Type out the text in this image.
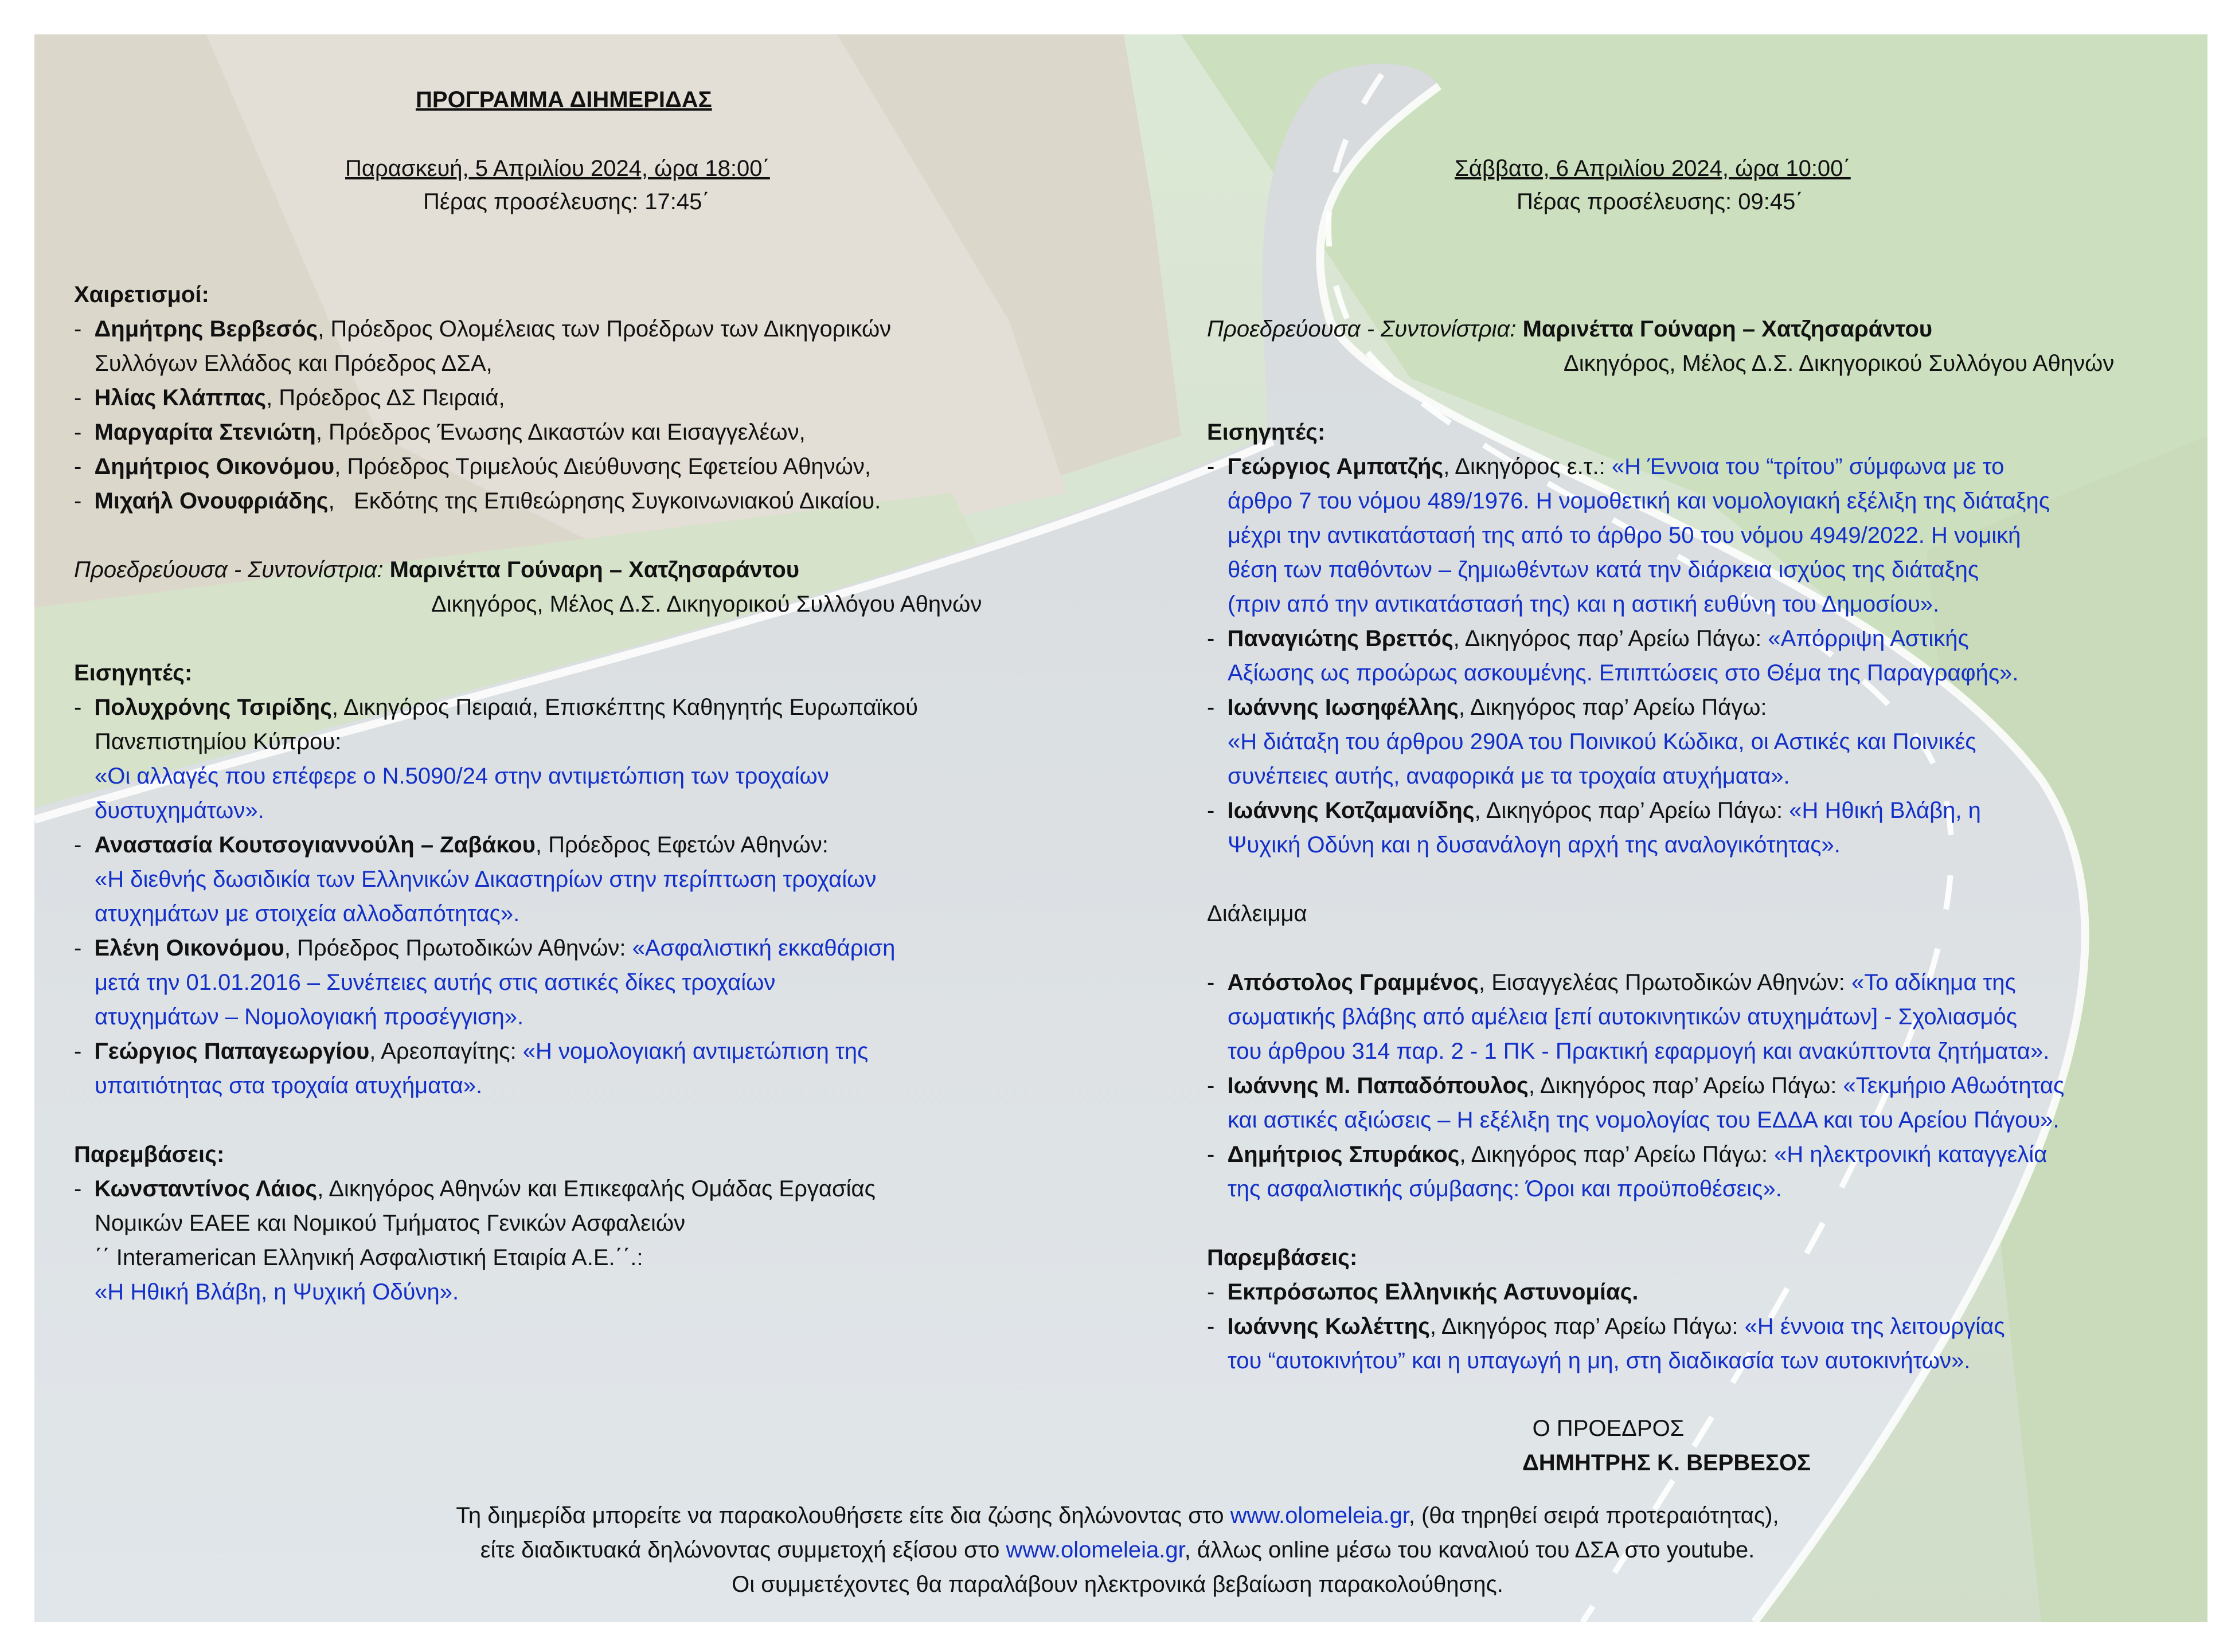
ΠΡΟΓΡΑΜΜΑ ΔΙΗΜΕΡΙΔΑΣ
Παρασκευή, 5 Απριλίου 2024, ώρα 18:00΄
Πέρας προσέλευσης: 17:45΄
Χαιρετισμοί:
-  Δημήτρης Βερβεσός, Πρόεδρος Ολομέλειας των Προέδρων των Δικηγορικών
Συλλόγων Ελλάδος και Πρόεδρος ΔΣΑ,
-  Ηλίας Κλάππας, Πρόεδρος ΔΣ Πειραιά,
-  Μαργαρίτα Στενιώτη, Πρόεδρος Ένωσης Δικαστών και Εισαγγελέων,
-  Δημήτριος Οικονόμου, Πρόεδρος Τριμελούς Διεύθυνσης Εφετείου Αθηνών,
-  Μιχαήλ Ονουφριάδης,   Εκδότης της Επιθεώρησης Συγκοινωνιακού Δικαίου.
Προεδρεύουσα - Συντονίστρια: Μαρινέττα Γούναρη – Χατζησαράντου
Δικηγόρος, Μέλος Δ.Σ. Δικηγορικού Συλλόγου Αθηνών
Εισηγητές:
-  Πολυχρόνης Τσιρίδης, Δικηγόρος Πειραιά, Επισκέπτης Καθηγητής Ευρωπαϊκού
Πανεπιστημίου Κύπρου:
«Οι αλλαγές που επέφερε ο Ν.5090/24 στην αντιμετώπιση των τροχαίων
δυστυχημάτων».
-  Αναστασία Κουτσογιαννούλη – Ζαβάκου, Πρόεδρος Εφετών Αθηνών:
«Η διεθνής δωσιδικία των Ελληνικών Δικαστηρίων στην περίπτωση τροχαίων
ατυχημάτων με στοιχεία αλλοδαπότητας».
-  Ελένη Οικονόμου, Πρόεδρος Πρωτοδικών Αθηνών: «Ασφαλιστική εκκαθάριση
μετά την 01.01.2016 – Συνέπειες αυτής στις αστικές δίκες τροχαίων
ατυχημάτων – Νομολογιακή προσέγγιση».
-  Γεώργιος Παπαγεωργίου, Αρεοπαγίτης: «Η νομολογιακή αντιμετώπιση της
υπαιτιότητας στα τροχαία ατυχήματα».
Παρεμβάσεις:
-  Κωνσταντίνος Λάιος, Δικηγόρος Αθηνών και Επικεφαλής Ομάδας Εργασίας
Νομικών ΕΑΕΕ και Νομικού Τμήματος Γενικών Ασφαλειών
΄΄ Interamerican Ελληνική Ασφαλιστική Εταιρία Α.Ε.΄΄.:
«Η Ηθική Βλάβη, η Ψυχική Οδύνη».
Σάββατο, 6 Απριλίου 2024, ώρα 10:00΄
Πέρας προσέλευσης: 09:45΄
Προεδρεύουσα - Συντονίστρια: Μαρινέττα Γούναρη – Χατζησαράντου
Δικηγόρος, Μέλος Δ.Σ. Δικηγορικού Συλλόγου Αθηνών
Εισηγητές:
-  Γεώργιος Αμπατζής, Δικηγόρος ε.τ.: «Η Έννοια του “τρίτου” σύμφωνα με το
άρθρο 7 του νόμου 489/1976. Η νομοθετική και νομολογιακή εξέλιξη της διάταξης
μέχρι την αντικατάστασή της από το άρθρο 50 του νόμου 4949/2022. Η νομική
θέση των παθόντων – ζημιωθέντων κατά την διάρκεια ισχύος της διάταξης
(πριν από την αντικατάστασή της) και η αστική ευθύνη του Δημοσίου».
-  Παναγιώτης Βρεττός, Δικηγόρος παρ’ Αρείω Πάγω: «Απόρριψη Αστικής
Αξίωσης ως προώρως ασκουμένης. Επιπτώσεις στο Θέμα της Παραγραφής».
-  Ιωάννης Ιωσηφέλλης, Δικηγόρος παρ’ Αρείω Πάγω:
«Η διάταξη του άρθρου 290Α του Ποινικού Κώδικα, οι Αστικές και Ποινικές
συνέπειες αυτής, αναφορικά με τα τροχαία ατυχήματα».
-  Ιωάννης Κοτζαμανίδης, Δικηγόρος παρ’ Αρείω Πάγω: «Η Ηθική Βλάβη, η
Ψυχική Οδύνη και η δυσανάλογη αρχή της αναλογικότητας».
Διάλειμμα
-  Απόστολος Γραμμένος, Εισαγγελέας Πρωτοδικών Αθηνών: «Το αδίκημα της
σωματικής βλάβης από αμέλεια [επί αυτοκινητικών ατυχημάτων] - Σχολιασμός
του άρθρου 314 παρ. 2 - 1 ΠΚ - Πρακτική εφαρμογή και ανακύπτοντα ζητήματα».
-  Ιωάννης Μ. Παπαδόπουλος, Δικηγόρος παρ’ Αρείω Πάγω: «Τεκμήριο Αθωότητας
και αστικές αξιώσεις – Η εξέλιξη της νομολογίας του ΕΔΔΑ και του Αρείου Πάγου».
-  Δημήτριος Σπυράκος, Δικηγόρος παρ’ Αρείω Πάγω: «Η ηλεκτρονική καταγγελία
της ασφαλιστικής σύμβασης: Όροι και προϋποθέσεις».
Παρεμβάσεις:
-  Εκπρόσωπος Ελληνικής Αστυνομίας.
-  Ιωάννης Κωλέττης, Δικηγόρος παρ’ Αρείω Πάγω: «Η έννοια της λειτουργίας
του “αυτοκινήτου” και η υπαγωγή η μη, στη διαδικασία των αυτοκινήτων».
Ο ΠΡΟΕΔΡΟΣ
ΔΗΜΗΤΡΗΣ Κ. ΒΕΡΒΕΣΟΣ
Τη διημερίδα μπορείτε να παρακολουθήσετε είτε δια ζώσης δηλώνοντας στο www.olomeleia.gr, (θα τηρηθεί σειρά προτεραιότητας),
είτε διαδικτυακά δηλώνοντας συμμετοχή εξίσου στο www.olomeleia.gr, άλλως online μέσω του καναλιού του ΔΣΑ στο youtube.
Οι συμμετέχοντες θα παραλάβουν ηλεκτρονικά βεβαίωση παρακολούθησης.
